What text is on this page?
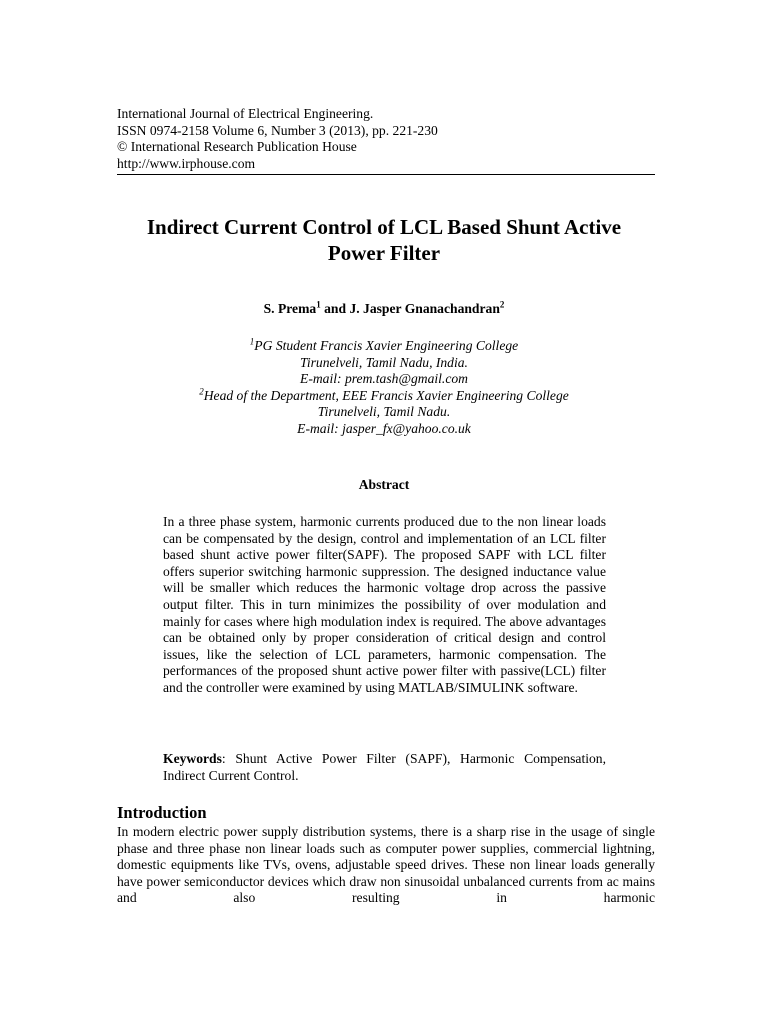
International Journal of Electrical Engineering.
ISSN 0974-2158 Volume 6, Number 3 (2013), pp. 221-230
© International Research Publication House
http://www.irphouse.com
Indirect Current Control of LCL Based Shunt Active
Power Filter
S. Prema$^1$ and J. Jasper Gnanachandran$^2$
$^1$PG Student Francis Xavier Engineering College
Tirunelveli, Tamil Nadu, India.
E-mail: prem.tash@gmail.com
$^2$Head of the Department, EEE Francis Xavier Engineering College
Tirunelveli, Tamil Nadu.
E-mail: jasper_fx@yahoo.co.uk
Abstract
In a three phase system, harmonic currents produced due to the non linear loads can be compensated by the design, control and implementation of an LCL filter based shunt active power filter(SAPF). The proposed SAPF with LCL filter offers superior switching harmonic suppression. The designed inductance value will be smaller which reduces the harmonic voltage drop across the passive output filter. This in turn minimizes the possibility of over modulation and mainly for cases where high modulation index is required. The above advantages can be obtained only by proper consideration of critical design and control issues, like the selection of LCL parameters, harmonic compensation. The performances of the proposed shunt active power filter with passive(LCL) filter and the controller were examined by using MATLAB/SIMULINK software.
Keywords: Shunt Active Power Filter (SAPF), Harmonic Compensation, Indirect Current Control.
Introduction
In modern electric power supply distribution systems, there is a sharp rise in the usage of single phase and three phase non linear loads such as computer power supplies, commercial lightning, domestic equipments like TVs, ovens, adjustable speed drives. These non linear loads generally have power semiconductor devices which draw non sinusoidal unbalanced currents from ac mains and also resulting in harmonic
